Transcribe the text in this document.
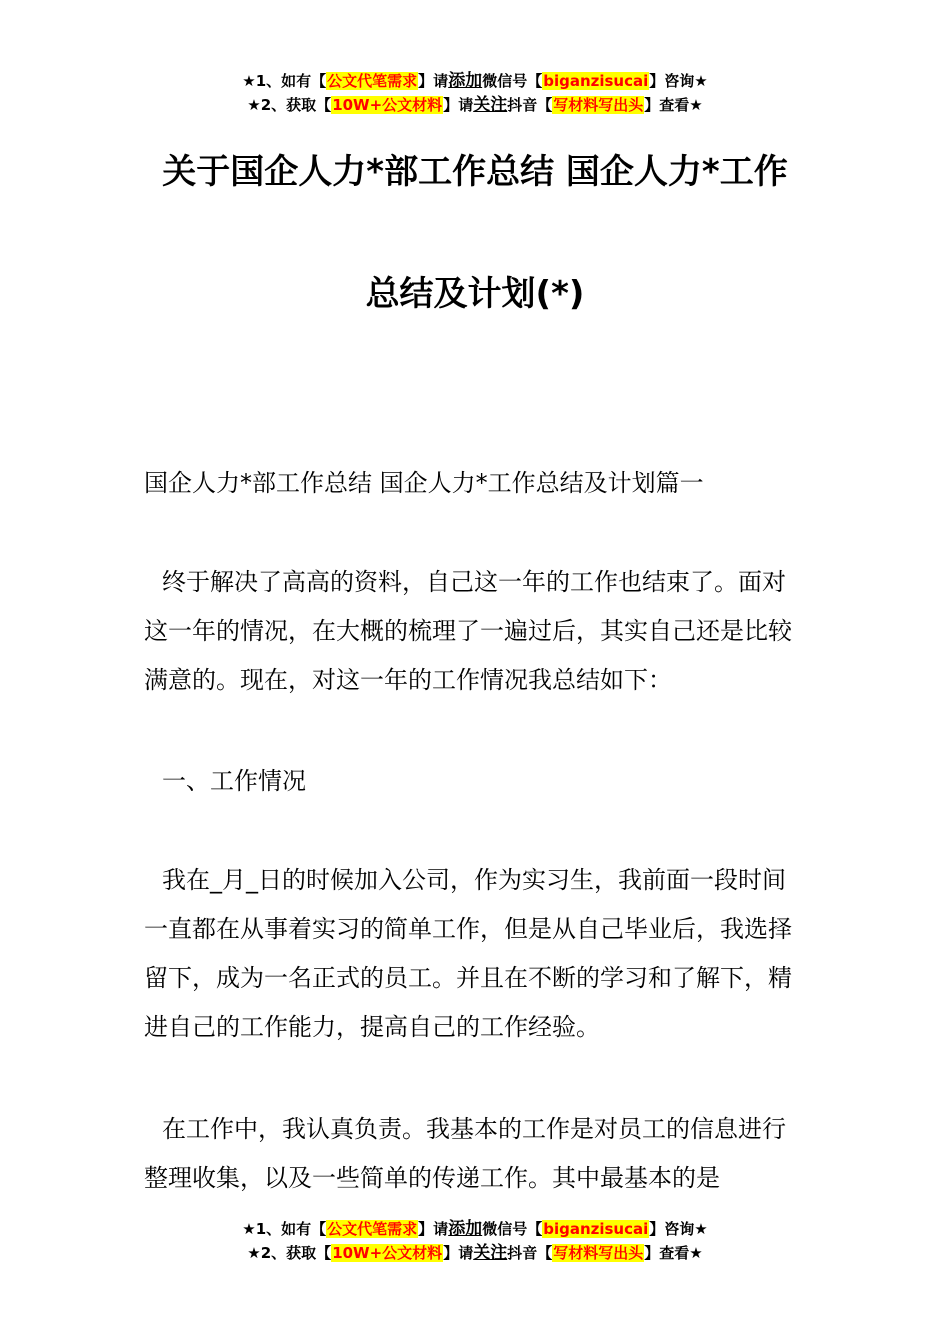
★1、如有【公文代笔需求】请添加微信号【biganzisucai】咨询★
★2、获取【10W+公文材料】请关注抖音【写材料写出头】查看★
关于国企人力*部工作总结 国企人力*工作
总结及计划(*)
国企人力*部工作总结 国企人力*工作总结及计划篇一
终于解决了高高的资料，自己这一年的工作也结束了。面对这一年的情况，在大概的梳理了一遍过后，其实自己还是比较满意的。现在，对这一年的工作情况我总结如下：
一、工作情况
我在_月_日的时候加入公司，作为实习生，我前面一段时间一直都在从事着实习的简单工作，但是从自己毕业后，我选择留下，成为一名正式的员工。并且在不断的学习和了解下，精进自己的工作能力，提高自己的工作经验。
在工作中，我认真负责。我基本的工作是对员工的信息进行整理收集，以及一些简单的传递工作。其中最基本的是
★1、如有【公文代笔需求】请添加微信号【biganzisucai】咨询★
★2、获取【10W+公文材料】请关注抖音【写材料写出头】查看★
